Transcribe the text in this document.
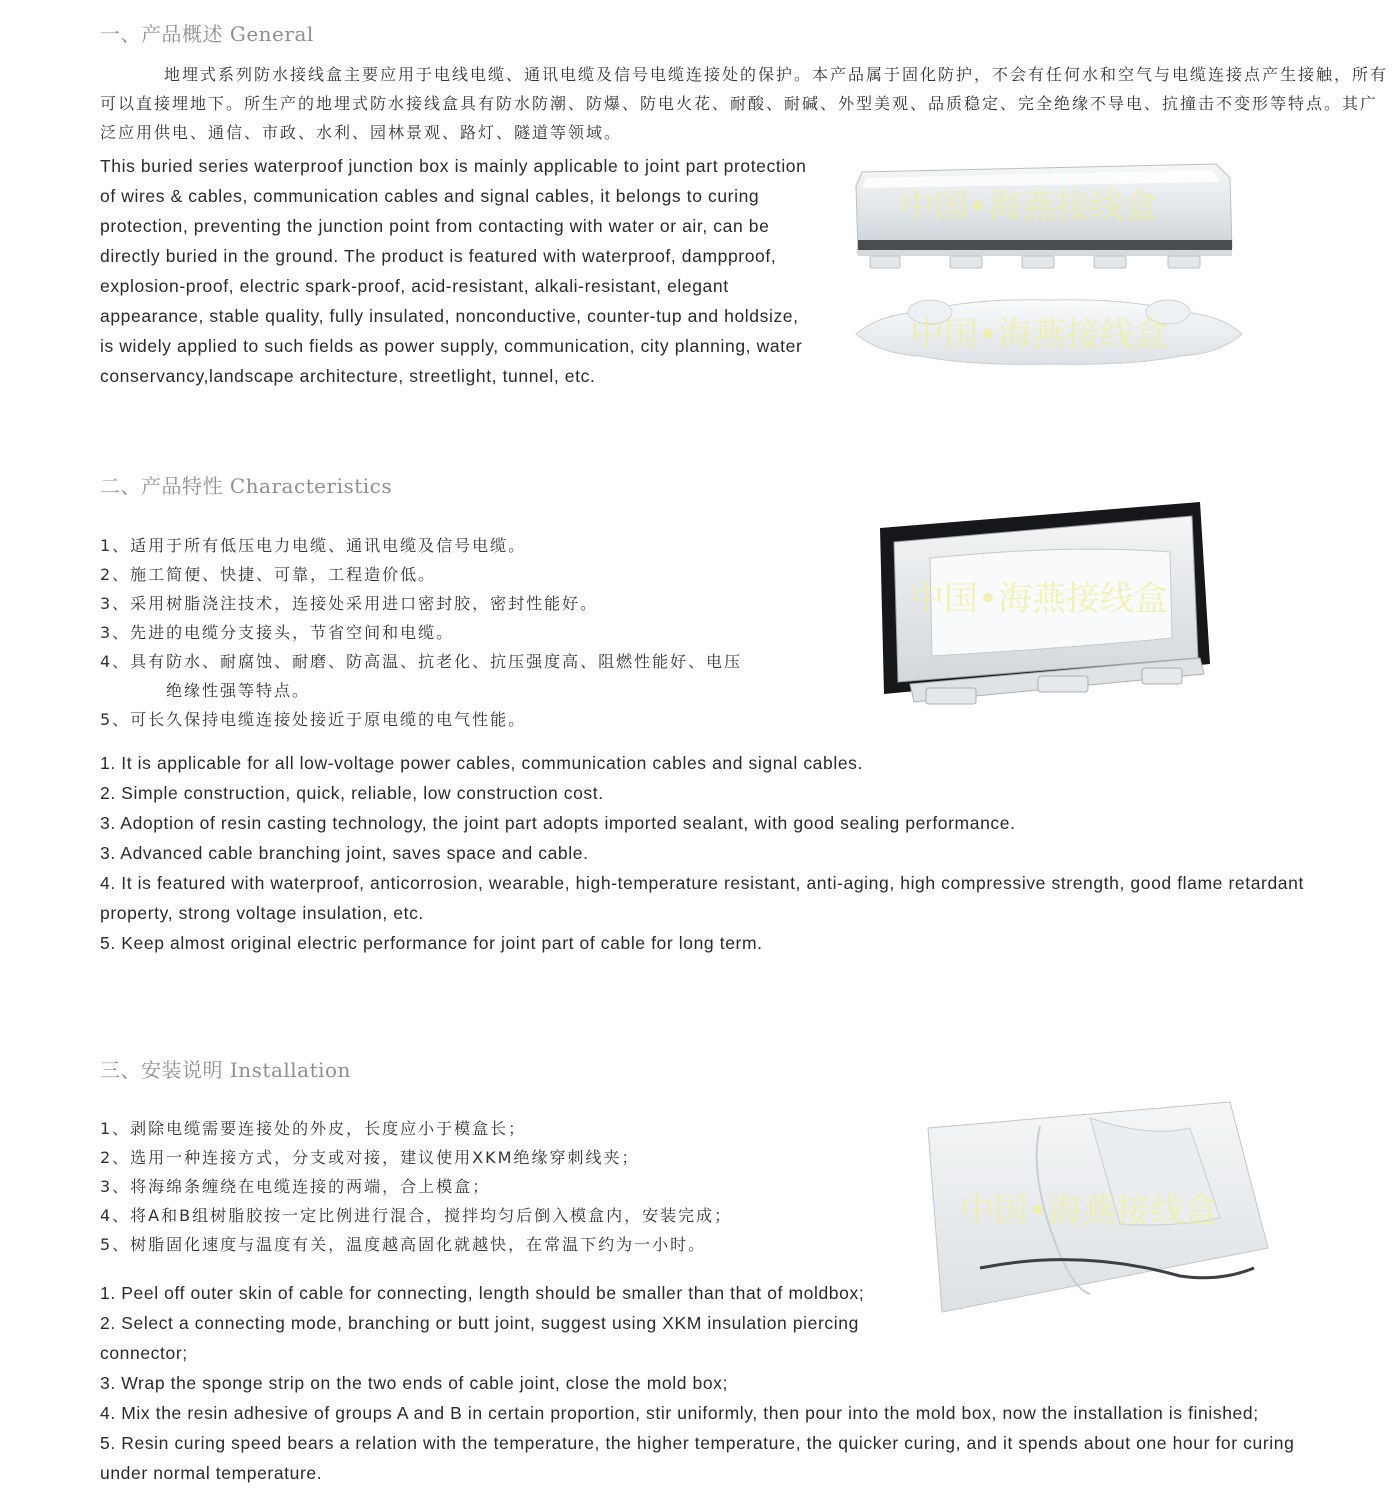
一、产品概述 General
地埋式系列防水接线盒主要应用于电线电缆、通讯电缆及信号电缆连接处的保护。本产品属于固化防护，不会有任何水和空气与电缆连接点产生接触，所有可以直接埋地下。所生产的地埋式防水接线盒具有防水防潮、防爆、防电火花、耐酸、耐碱、外型美观、品质稳定、完全绝缘不导电、抗撞击不变形等特点。其广泛应用供电、通信、市政、水利、园林景观、路灯、隧道等领域。
This buried series waterproof junction box is mainly applicable to joint part protection of wires & cables, communication cables and signal cables, it belongs to curing protection, preventing the junction point from contacting with water or air, can be directly buried in the ground. The product is featured with waterproof, dampproof, explosion-proof, electric spark-proof, acid-resistant, alkali-resistant, elegant appearance, stable quality, fully insulated, nonconductive, counter-tup and holdsize, is widely applied to such fields as power supply, communication, city planning, water conservancy,landscape architecture, streetlight, tunnel, etc.
中国•海燕接线盒
中国•海燕接线盒
二、产品特性 Characteristics
1、适用于所有低压电力电缆、通讯电缆及信号电缆。
2、施工简便、快捷、可靠，工程造价低。
3、采用树脂浇注技术，连接处采用进口密封胶，密封性能好。
3、先进的电缆分支接头，节省空间和电缆。
4、具有防水、耐腐蚀、耐磨、防高温、抗老化、抗压强度高、阻燃性能好、电压
绝缘性强等特点。
5、可长久保持电缆连接处接近于原电缆的电气性能。
中国•海燕接线盒
1. It is applicable for all low-voltage power cables, communication cables and signal cables.
2. Simple construction, quick, reliable, low construction cost.
3. Adoption of resin casting technology, the joint part adopts imported sealant, with good sealing performance.
3. Advanced cable branching joint, saves space and cable.
4. It is featured with waterproof, anticorrosion, wearable, high-temperature resistant, anti-aging, high compressive strength, good flame retardant property, strong voltage insulation, etc.
5. Keep almost original electric performance for joint part of cable for long term.
三、安装说明 Installation
1、剥除电缆需要连接处的外皮，长度应小于模盒长；
2、选用一种连接方式，分支或对接，建议使用XKM绝缘穿刺线夹；
3、将海绵条缠绕在电缆连接的两端，合上模盒；
4、将A和B组树脂胶按一定比例进行混合，搅拌均匀后倒入模盒内，安装完成；
5、树脂固化速度与温度有关，温度越高固化就越快，在常温下约为一小时。
中国•海燕接线盒
1. Peel off outer skin of cable for connecting, length should be smaller than that of moldbox;
2. Select a connecting mode, branching or butt joint, suggest using XKM insulation piercing connector;
3. Wrap the sponge strip on the two ends of cable joint, close the mold box;
4. Mix the resin adhesive of groups A and B in certain proportion, stir uniformly, then pour into the mold box, now the installation is finished;
5. Resin curing speed bears a relation with the temperature, the higher temperature, the quicker curing, and it spends about one hour for curing under normal temperature.
